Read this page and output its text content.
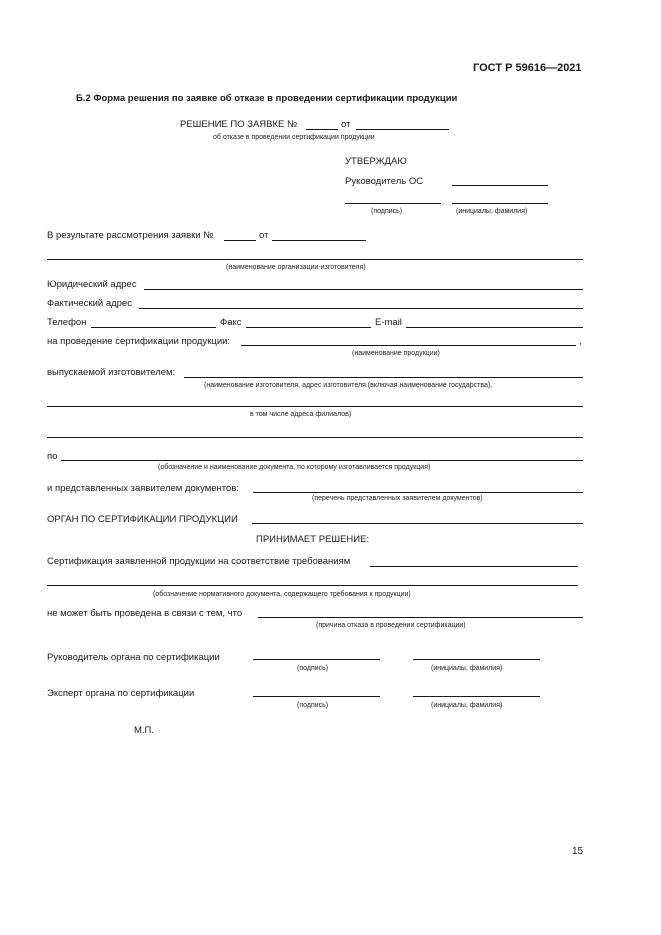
ГОСТ Р 59616—2021
Б.2 Форма решения по заявке об отказе в проведении сертификации продукции
РЕШЕНИЕ ПО ЗАЯВКЕ №	от
об отказе в проведении сертификации продукции
УТВЕРЖДАЮ
Руководитель ОС
(подпись)	(инициалы, фамилия)
В результате рассмотрения заявки №	от
(наименование организации-изготовителя)
Юридический адрес
Фактический адрес
Телефон	Факс	E-mail
на проведение сертификации продукции:	,
(наименование продукции)
выпускаемой изготовителем:
(наименование изготовителя, адрес изготовителя (включая наименование государства),
в том числе адреса филиалов)
по
(обозначение и наименование документа, по которому изготавливается продукция)
и представленных заявителем документов:
(перечень представленных заявителем документов)
ОРГАН ПО СЕРТИФИКАЦИИ ПРОДУКЦИИ
ПРИНИМАЕТ РЕШЕНИЕ:
Сертификация заявленной продукции на соответствие требованиям
(обозначение нормативного документа, содержащего требования к продукции)
не может быть проведена в связи с тем, что
(причина отказа в проведении сертификации)
Руководитель органа по сертификации
(подпись)	(инициалы, фамилия)
Эксперт органа по сертификации
(подпись)	(инициалы, фамилия)
М.П.
15
